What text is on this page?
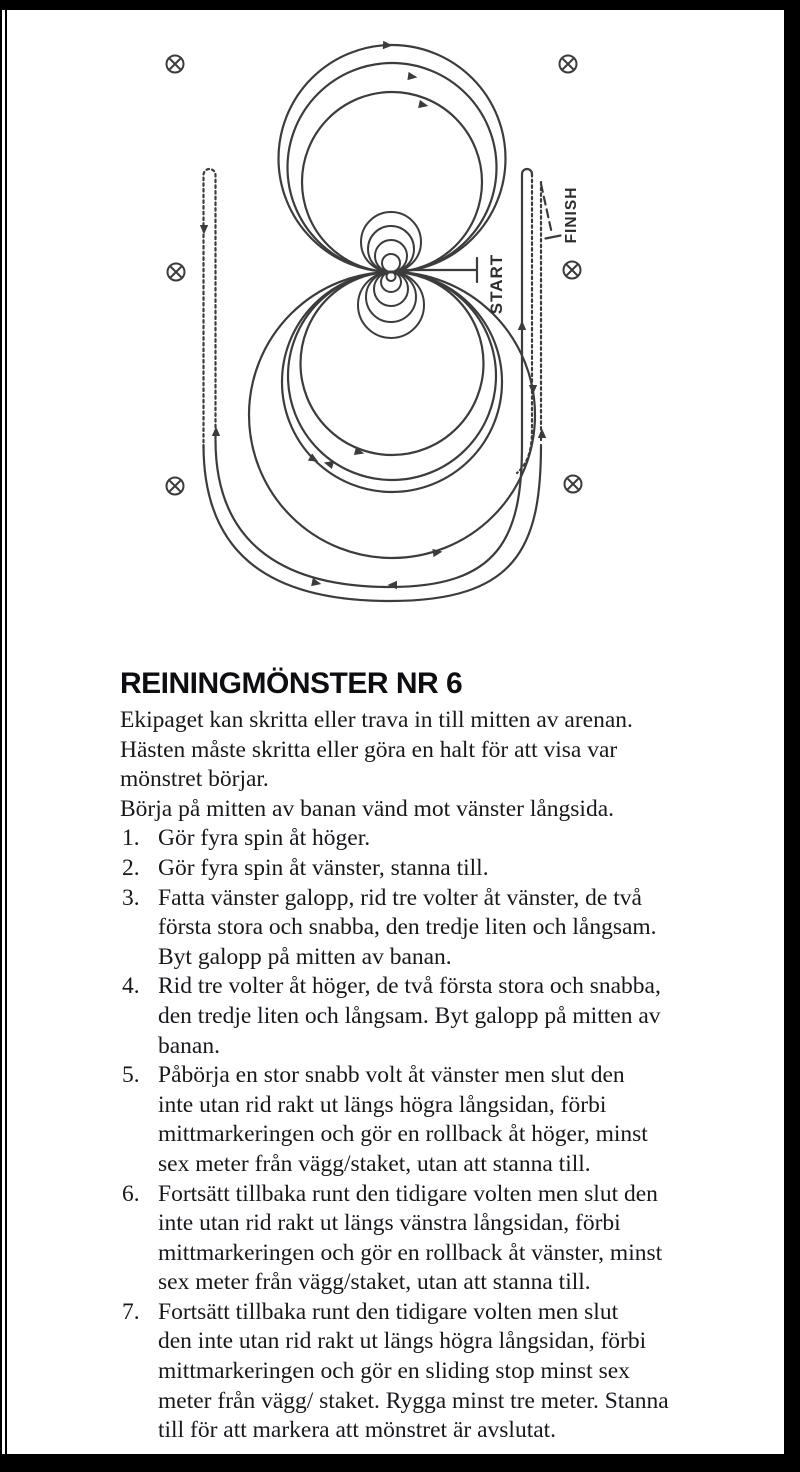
START
FINISH
REININGMÖNSTER NR 6
Ekipaget kan skritta eller trava in till mitten av arenan.
Hästen måste skritta eller göra en halt för att visa var
mönstret börjar.
Börja på mitten av banan vänd mot vänster långsida.
1. Gör fyra spin åt höger.
2. Gör fyra spin åt vänster, stanna till.
3. Fatta vänster galopp, rid tre volter åt vänster, de två
första stora och snabba, den tredje liten och långsam.
Byt galopp på mitten av banan.
4. Rid tre volter åt höger, de två första stora och snabba,
den tredje liten och långsam. Byt galopp på mitten av
banan.
5. Påbörja en stor snabb volt åt vänster men slut den
inte utan rid rakt ut längs högra långsidan, förbi
mittmarkeringen och gör en rollback åt höger, minst
sex meter från vägg/staket, utan att stanna till.
6. Fortsätt tillbaka runt den tidigare volten men slut den
inte utan rid rakt ut längs vänstra långsidan, förbi
mittmarkeringen och gör en rollback åt vänster, minst
sex meter från vägg/staket, utan att stanna till.
7. Fortsätt tillbaka runt den tidigare volten men slut
den inte utan rid rakt ut längs högra långsidan, förbi
mittmarkeringen och gör en sliding stop minst sex
meter från vägg/ staket. Rygga minst tre meter. Stanna
till för att markera att mönstret är avslutat.
